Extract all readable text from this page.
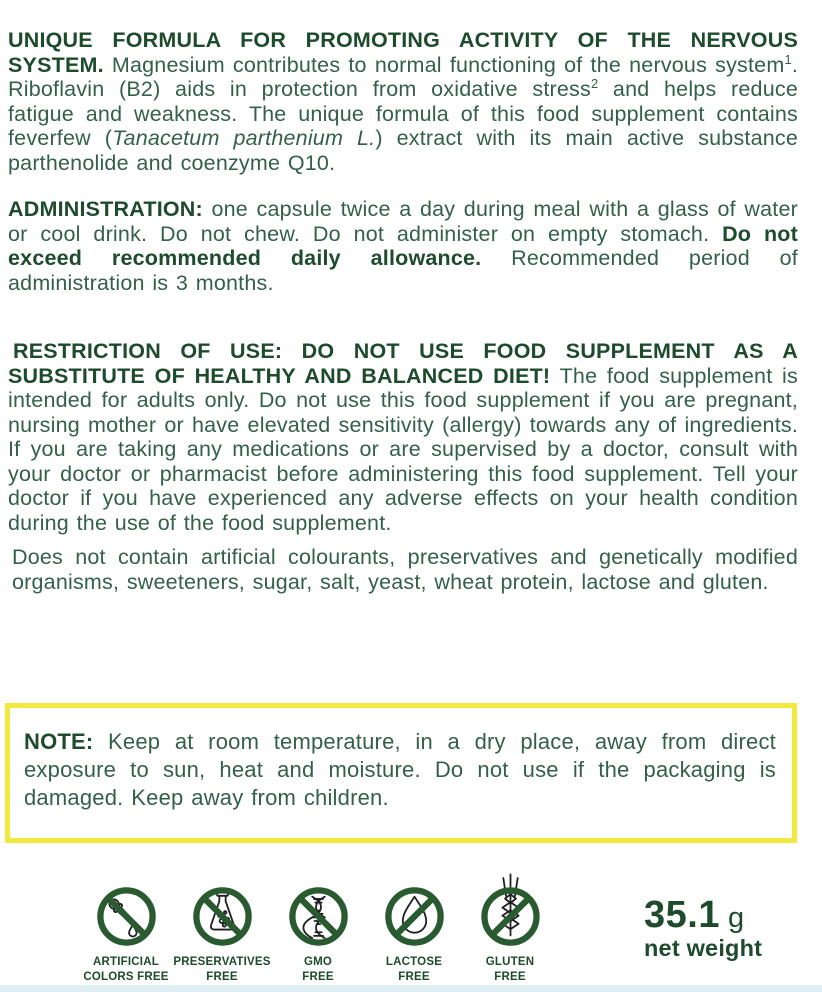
UNIQUE FORMULA FOR PROMOTING ACTIVITY OF THE NERVOUS SYSTEM. Magnesium contributes to normal functioning of the nervous system$^1$. Riboflavin (B2) aids in protection from oxidative stress$^2$ and helps reduce fatigue and weakness. The unique formula of this food supplement contains feverfew (Tanacetum parthenium L.) extract with its main active substance parthenolide and coenzyme Q10.

ADMINISTRATION: one capsule twice a day during meal with a glass of water or cool drink. Do not chew. Do not administer on empty stomach. Do not exceed recommended daily allowance. Recommended period of administration is 3 months.

RESTRICTION OF USE: DO NOT USE FOOD SUPPLEMENT AS A SUBSTITUTE OF HEALTHY AND BALANCED DIET! The food supplement is intended for adults only. Do not use this food supplement if you are pregnant, nursing mother or have elevated sensitivity (allergy) towards any of ingredients. If you are taking any medications or are supervised by a doctor, consult with your doctor or pharmacist before administering this food supplement. Tell your doctor if you have experienced any adverse effects on your health condition during the use of the food supplement.

Does not contain artificial colourants, preservatives and genetically modified organisms, sweeteners, sugar, salt, yeast, wheat protein, lactose and gluten.

NOTE: Keep at room temperature, in a dry place, away from direct exposure to sun, heat and moisture. Do not use if the packaging is damaged. Keep away from children.

ARTIFICIAL
COLORS FREE
PRESERVATIVES
FREE
GMO
FREE
LACTOSE
FREE
GLUTEN
FREE
35.1 g
net weight
